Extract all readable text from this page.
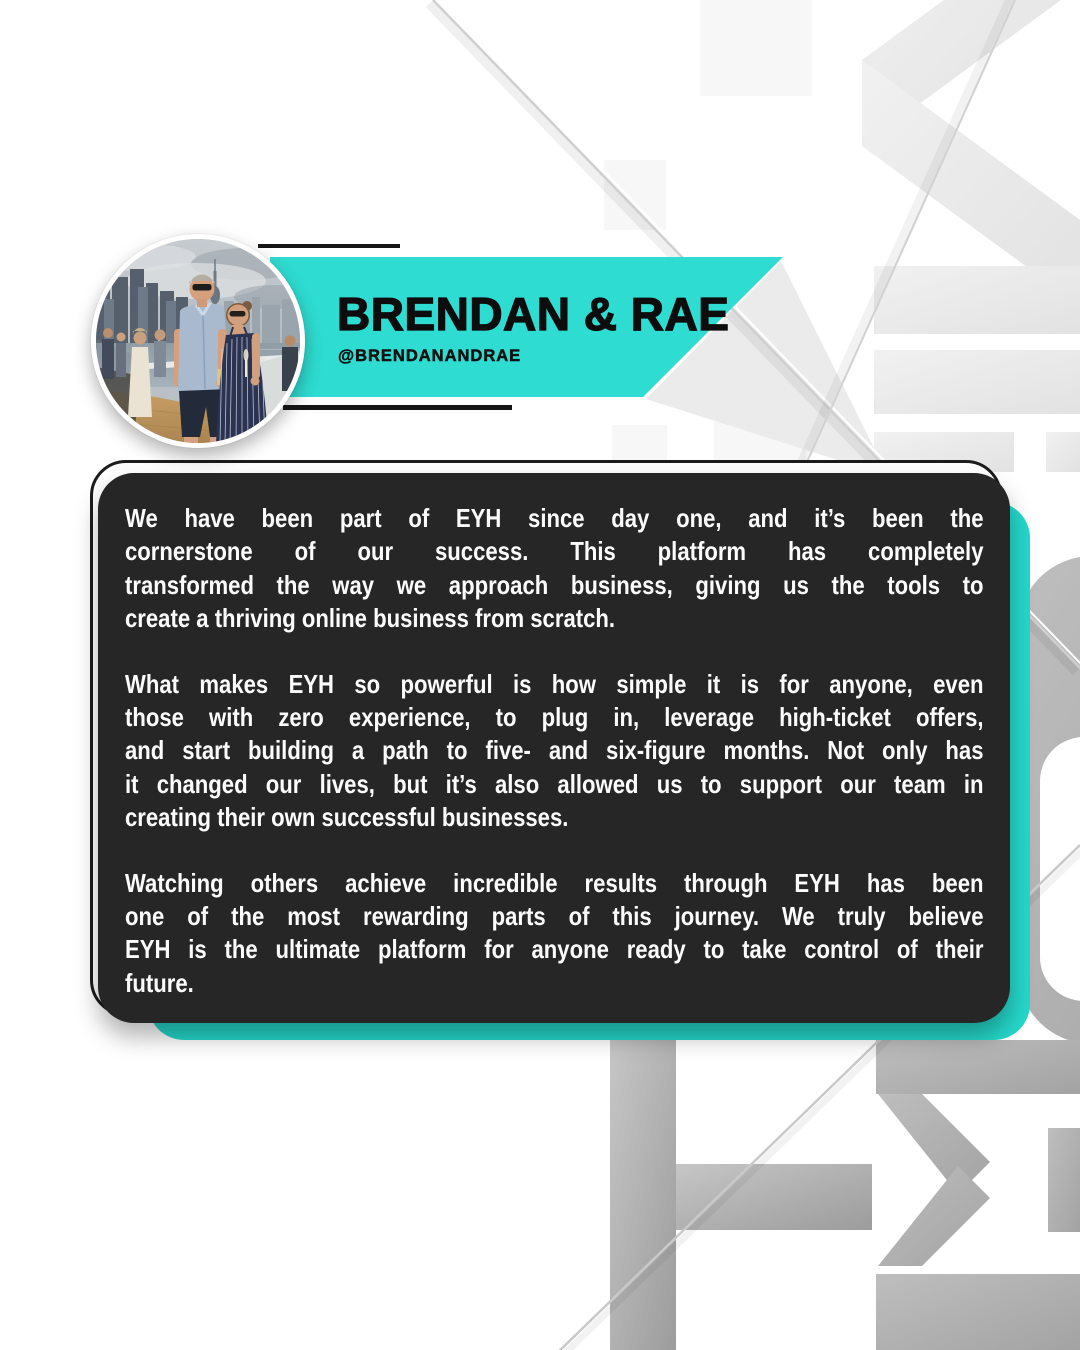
BRENDAN & RAE
@BRENDANANDRAE
We have been part of EYH since day one, and it’s been the
cornerstone of our success. This platform has completely
transformed the way we approach business, giving us the tools to
create a thriving online business from scratch.
What makes EYH so powerful is how simple it is for anyone, even
those with zero experience, to plug in, leverage high-ticket offers,
and start building a path to five- and six-figure months. Not only has
it changed our lives, but it’s also allowed us to support our team in
creating their own successful businesses.
Watching others achieve incredible results through EYH has been
one of the most rewarding parts of this journey. We truly believe
EYH is the ultimate platform for anyone ready to take control of their
future.
